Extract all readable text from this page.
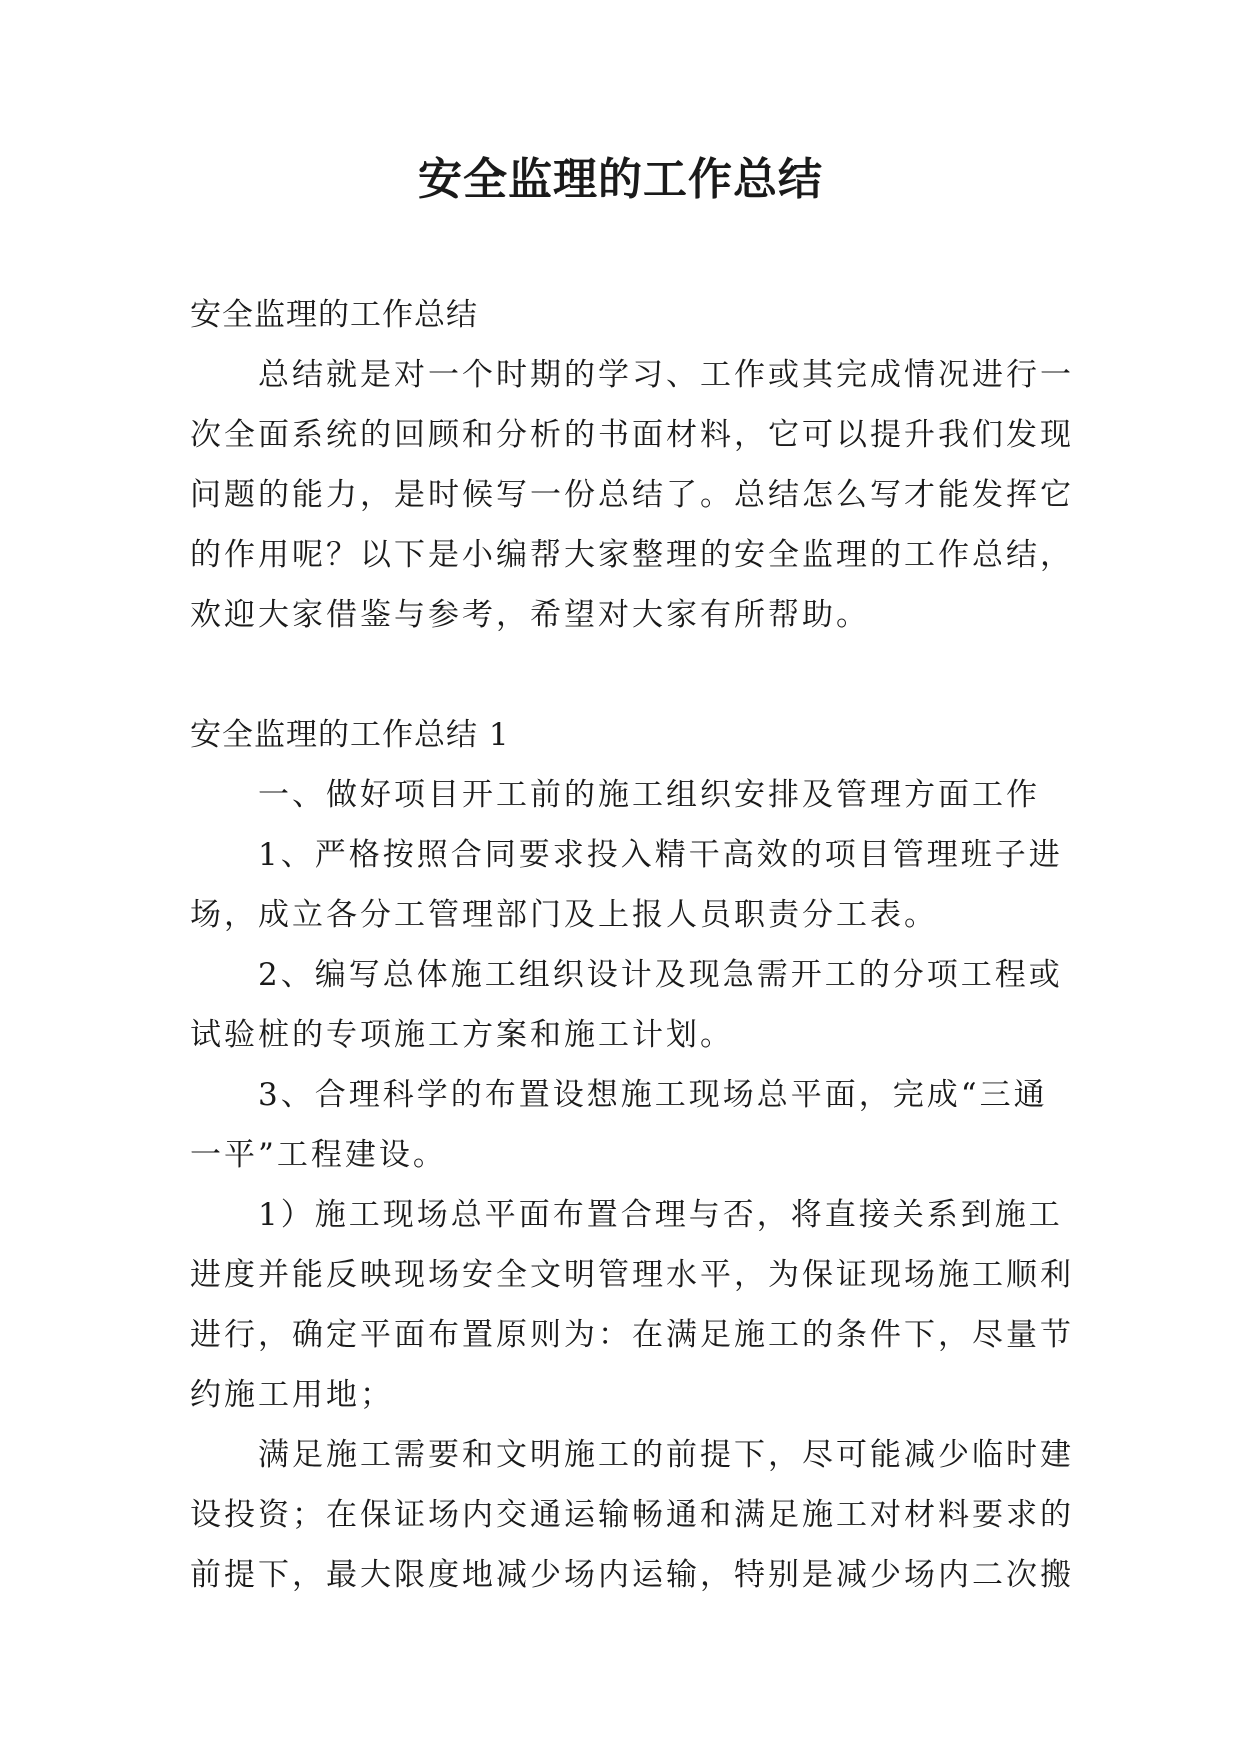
安全监理的工作总结
安全监理的工作总结
总结就是对一个时期的学习、工作或其完成情况进行一
次全面系统的回顾和分析的书面材料，它可以提升我们发现
问题的能力，是时候写一份总结了。总结怎么写才能发挥它
的作用呢？以下是小编帮大家整理的安全监理的工作总结，
欢迎大家借鉴与参考，希望对大家有所帮助。
安全监理的工作总结 1
一、做好项目开工前的施工组织安排及管理方面工作
1、严格按照合同要求投入精干高效的项目管理班子进
场，成立各分工管理部门及上报人员职责分工表。
2、编写总体施工组织设计及现急需开工的分项工程或
试验桩的专项施工方案和施工计划。
3、合理科学的布置设想施工现场总平面，完成“三通
一平”工程建设。
1）施工现场总平面布置合理与否，将直接关系到施工
进度并能反映现场安全文明管理水平，为保证现场施工顺利
进行，确定平面布置原则为：在满足施工的条件下，尽量节
约施工用地；
满足施工需要和文明施工的前提下，尽可能减少临时建
设投资；在保证场内交通运输畅通和满足施工对材料要求的
前提下，最大限度地减少场内运输，特别是减少场内二次搬
